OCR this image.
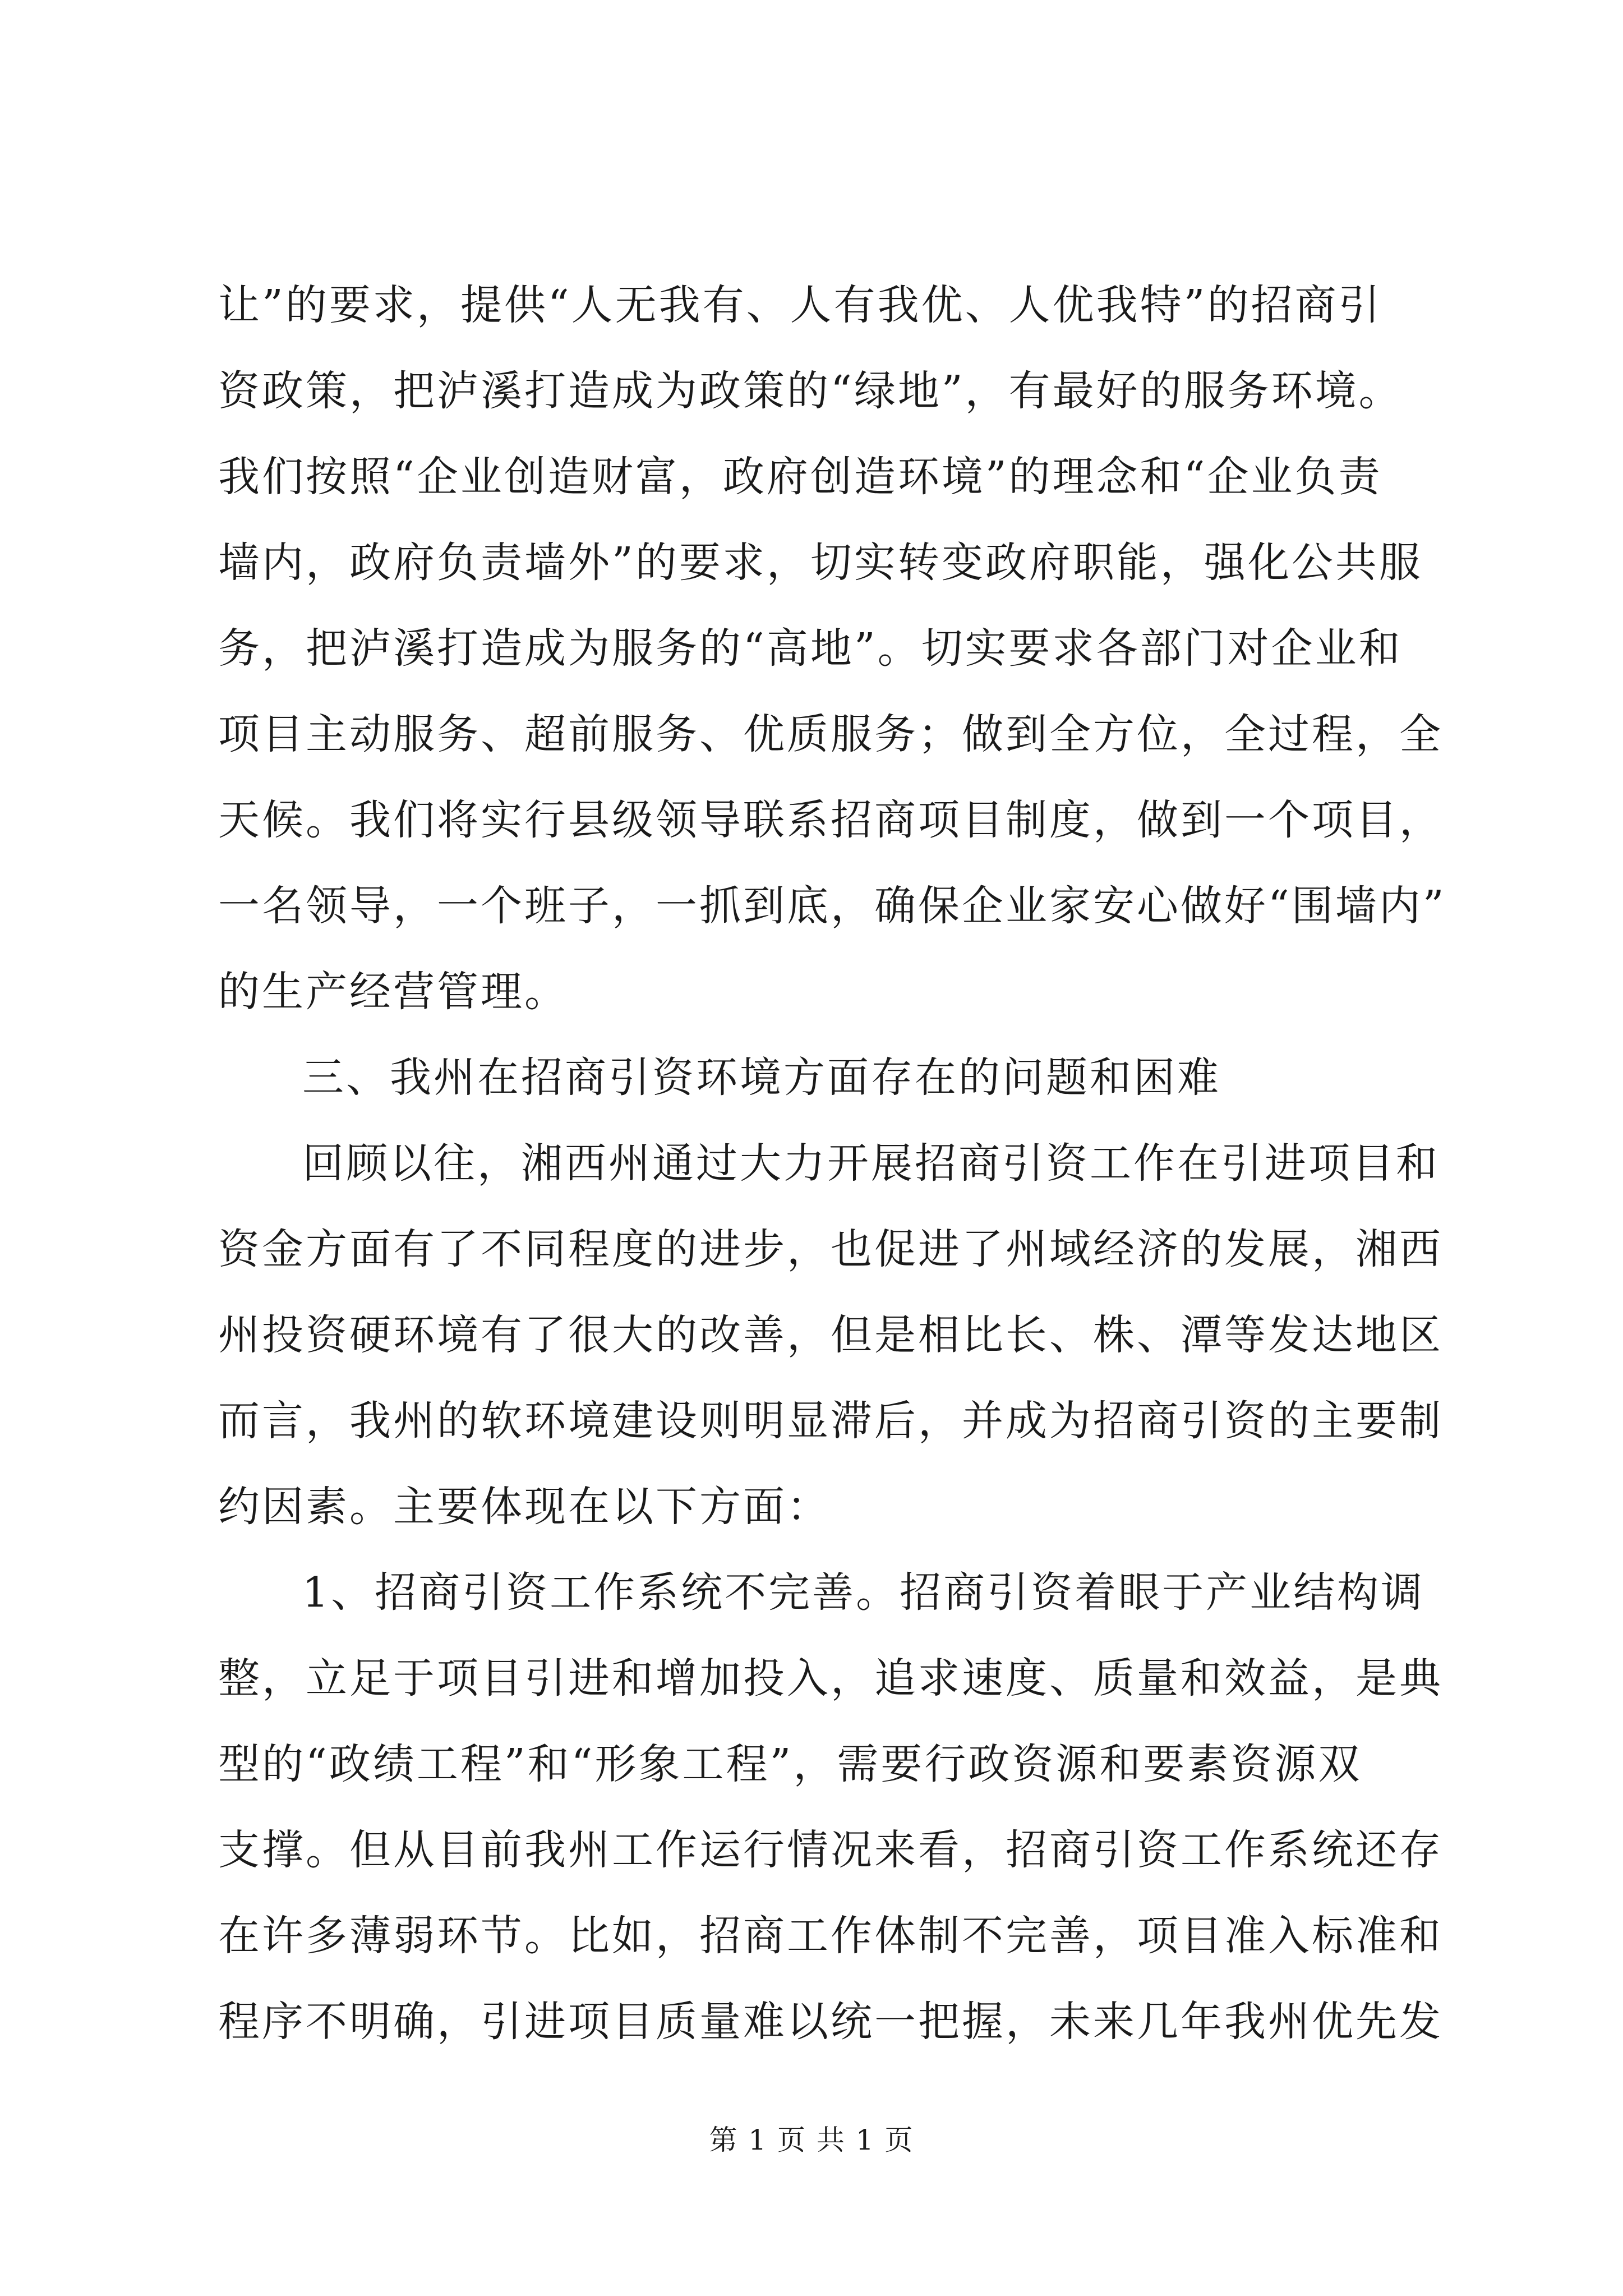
让”的要求，提供“人无我有、人有我优、人优我特”的招商引
资政策，把泸溪打造成为政策的“绿地”，有最好的服务环境。
我们按照“企业创造财富，政府创造环境”的理念和“企业负责
墙内，政府负责墙外”的要求，切实转变政府职能，强化公共服
务，把泸溪打造成为服务的“高地”。切实要求各部门对企业和
项目主动服务、超前服务、优质服务；做到全方位，全过程，全
天候。我们将实行县级领导联系招商项目制度，做到一个项目，
一名领导，一个班子，一抓到底，确保企业家安心做好“围墙内”
的生产经营管理。
三、我州在招商引资环境方面存在的问题和困难
回顾以往，湘西州通过大力开展招商引资工作在引进项目和
资金方面有了不同程度的进步，也促进了州域经济的发展，湘西
州投资硬环境有了很大的改善，但是相比长、株、潭等发达地区
而言，我州的软环境建设则明显滞后，并成为招商引资的主要制
约因素。主要体现在以下方面：
1、招商引资工作系统不完善。招商引资着眼于产业结构调
整，立足于项目引进和增加投入，追求速度、质量和效益，是典
型的“政绩工程”和“形象工程”，需要行政资源和要素资源双
支撑。但从目前我州工作运行情况来看，招商引资工作系统还存
在许多薄弱环节。比如，招商工作体制不完善，项目准入标准和
程序不明确，引进项目质量难以统一把握，未来几年我州优先发
第 1 页 共 1 页
